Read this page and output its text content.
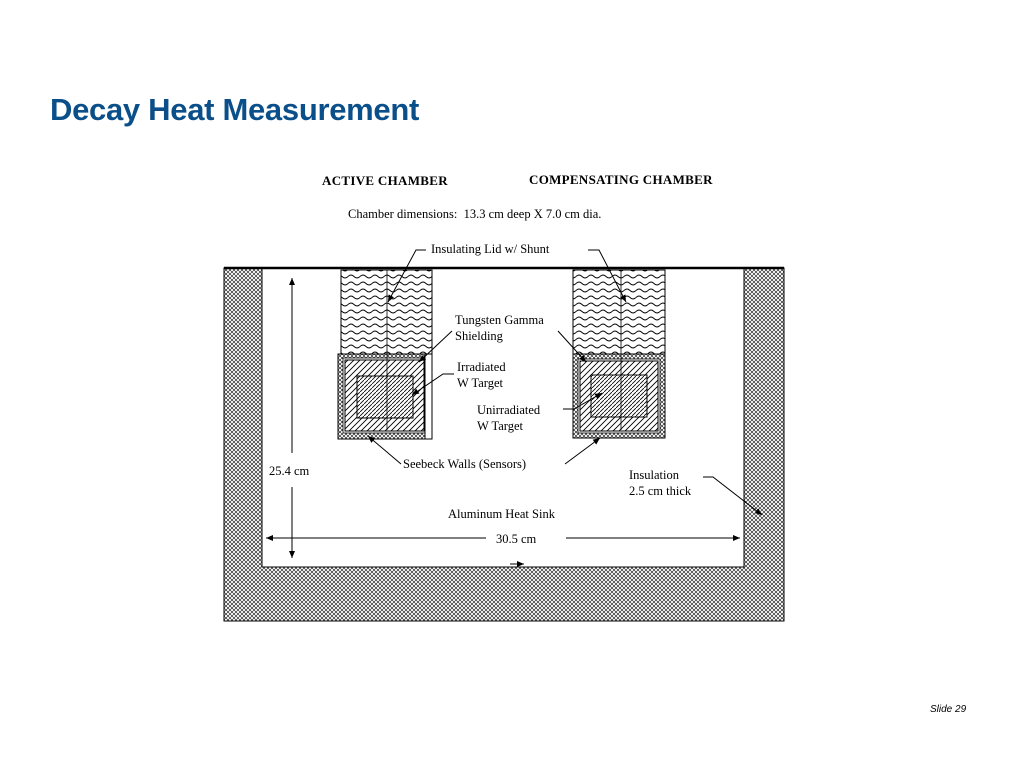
Decay Heat Measurement
ACTIVE CHAMBER	COMPENSATING CHAMBER
Chamber dimensions:  13.3 cm deep X 7.0 cm dia.
Insulating Lid w/ Shunt
Tungsten Gamma
Shielding
Irradiated
W Target
Unirradiated
W Target
Seebeck Walls (Sensors)
25.4 cm	Insulation
2.5 cm thick
Aluminum Heat Sink
30.5 cm
Slide 29
